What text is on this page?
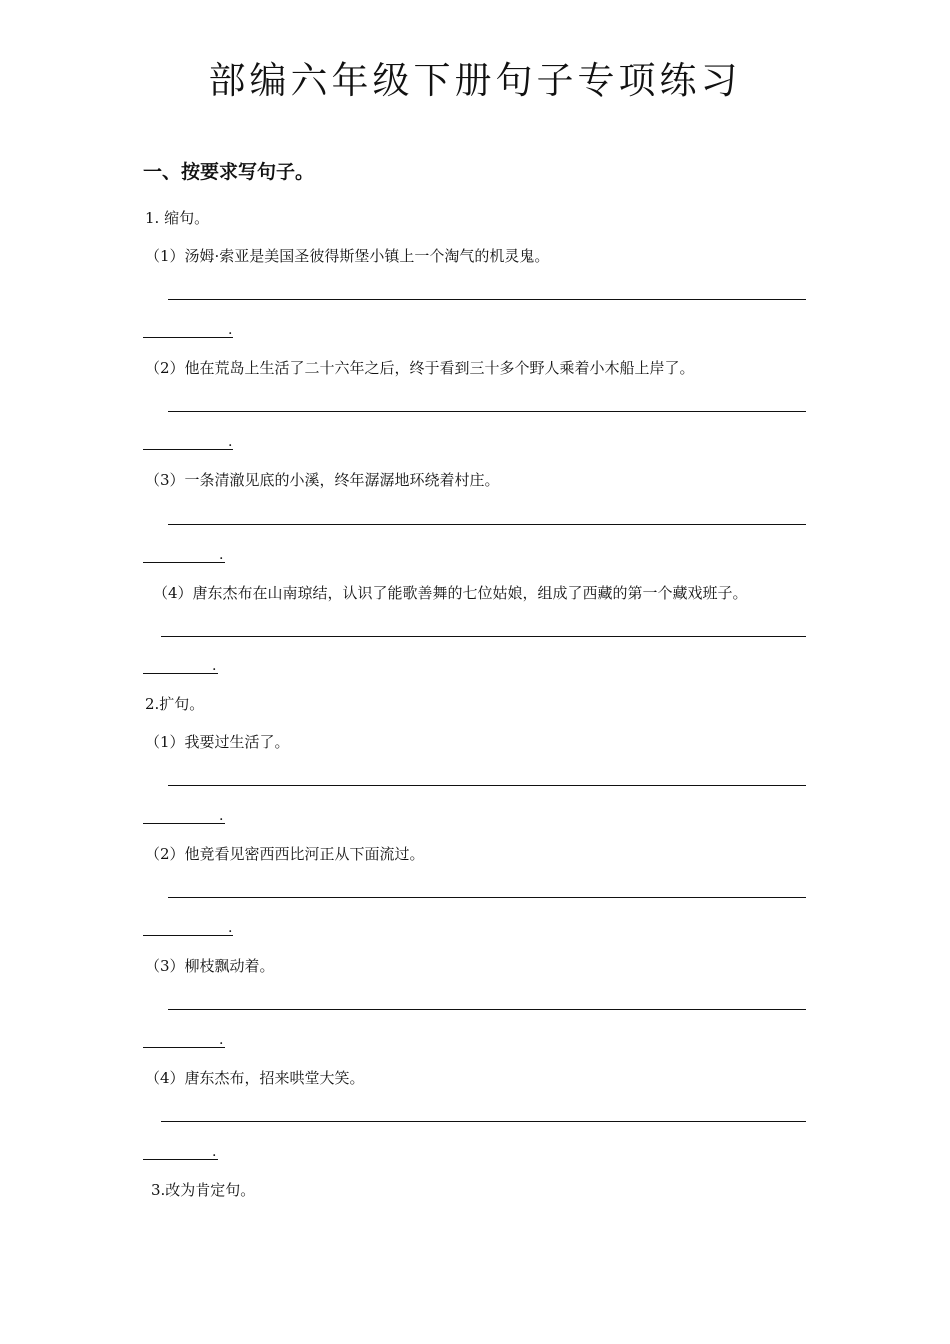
部编六年级下册句子专项练习
一、按要求写句子。
1. 缩句。
（1）汤姆·索亚是美国圣彼得斯堡小镇上一个淘气的机灵鬼。
.
（2）他在荒岛上生活了二十六年之后，终于看到三十多个野人乘着小木船上岸了。
.
（3）一条清澈见底的小溪，终年潺潺地环绕着村庄。
.
（4）唐东杰布在山南琼结，认识了能歌善舞的七位姑娘，组成了西藏的第一个藏戏班子。
.
2.扩句。
（1）我要过生活了。
.
（2）他竟看见密西西比河正从下面流过。
.
（3）柳枝飘动着。
.
（4）唐东杰布，招来哄堂大笑。
.
3.改为肯定句。
